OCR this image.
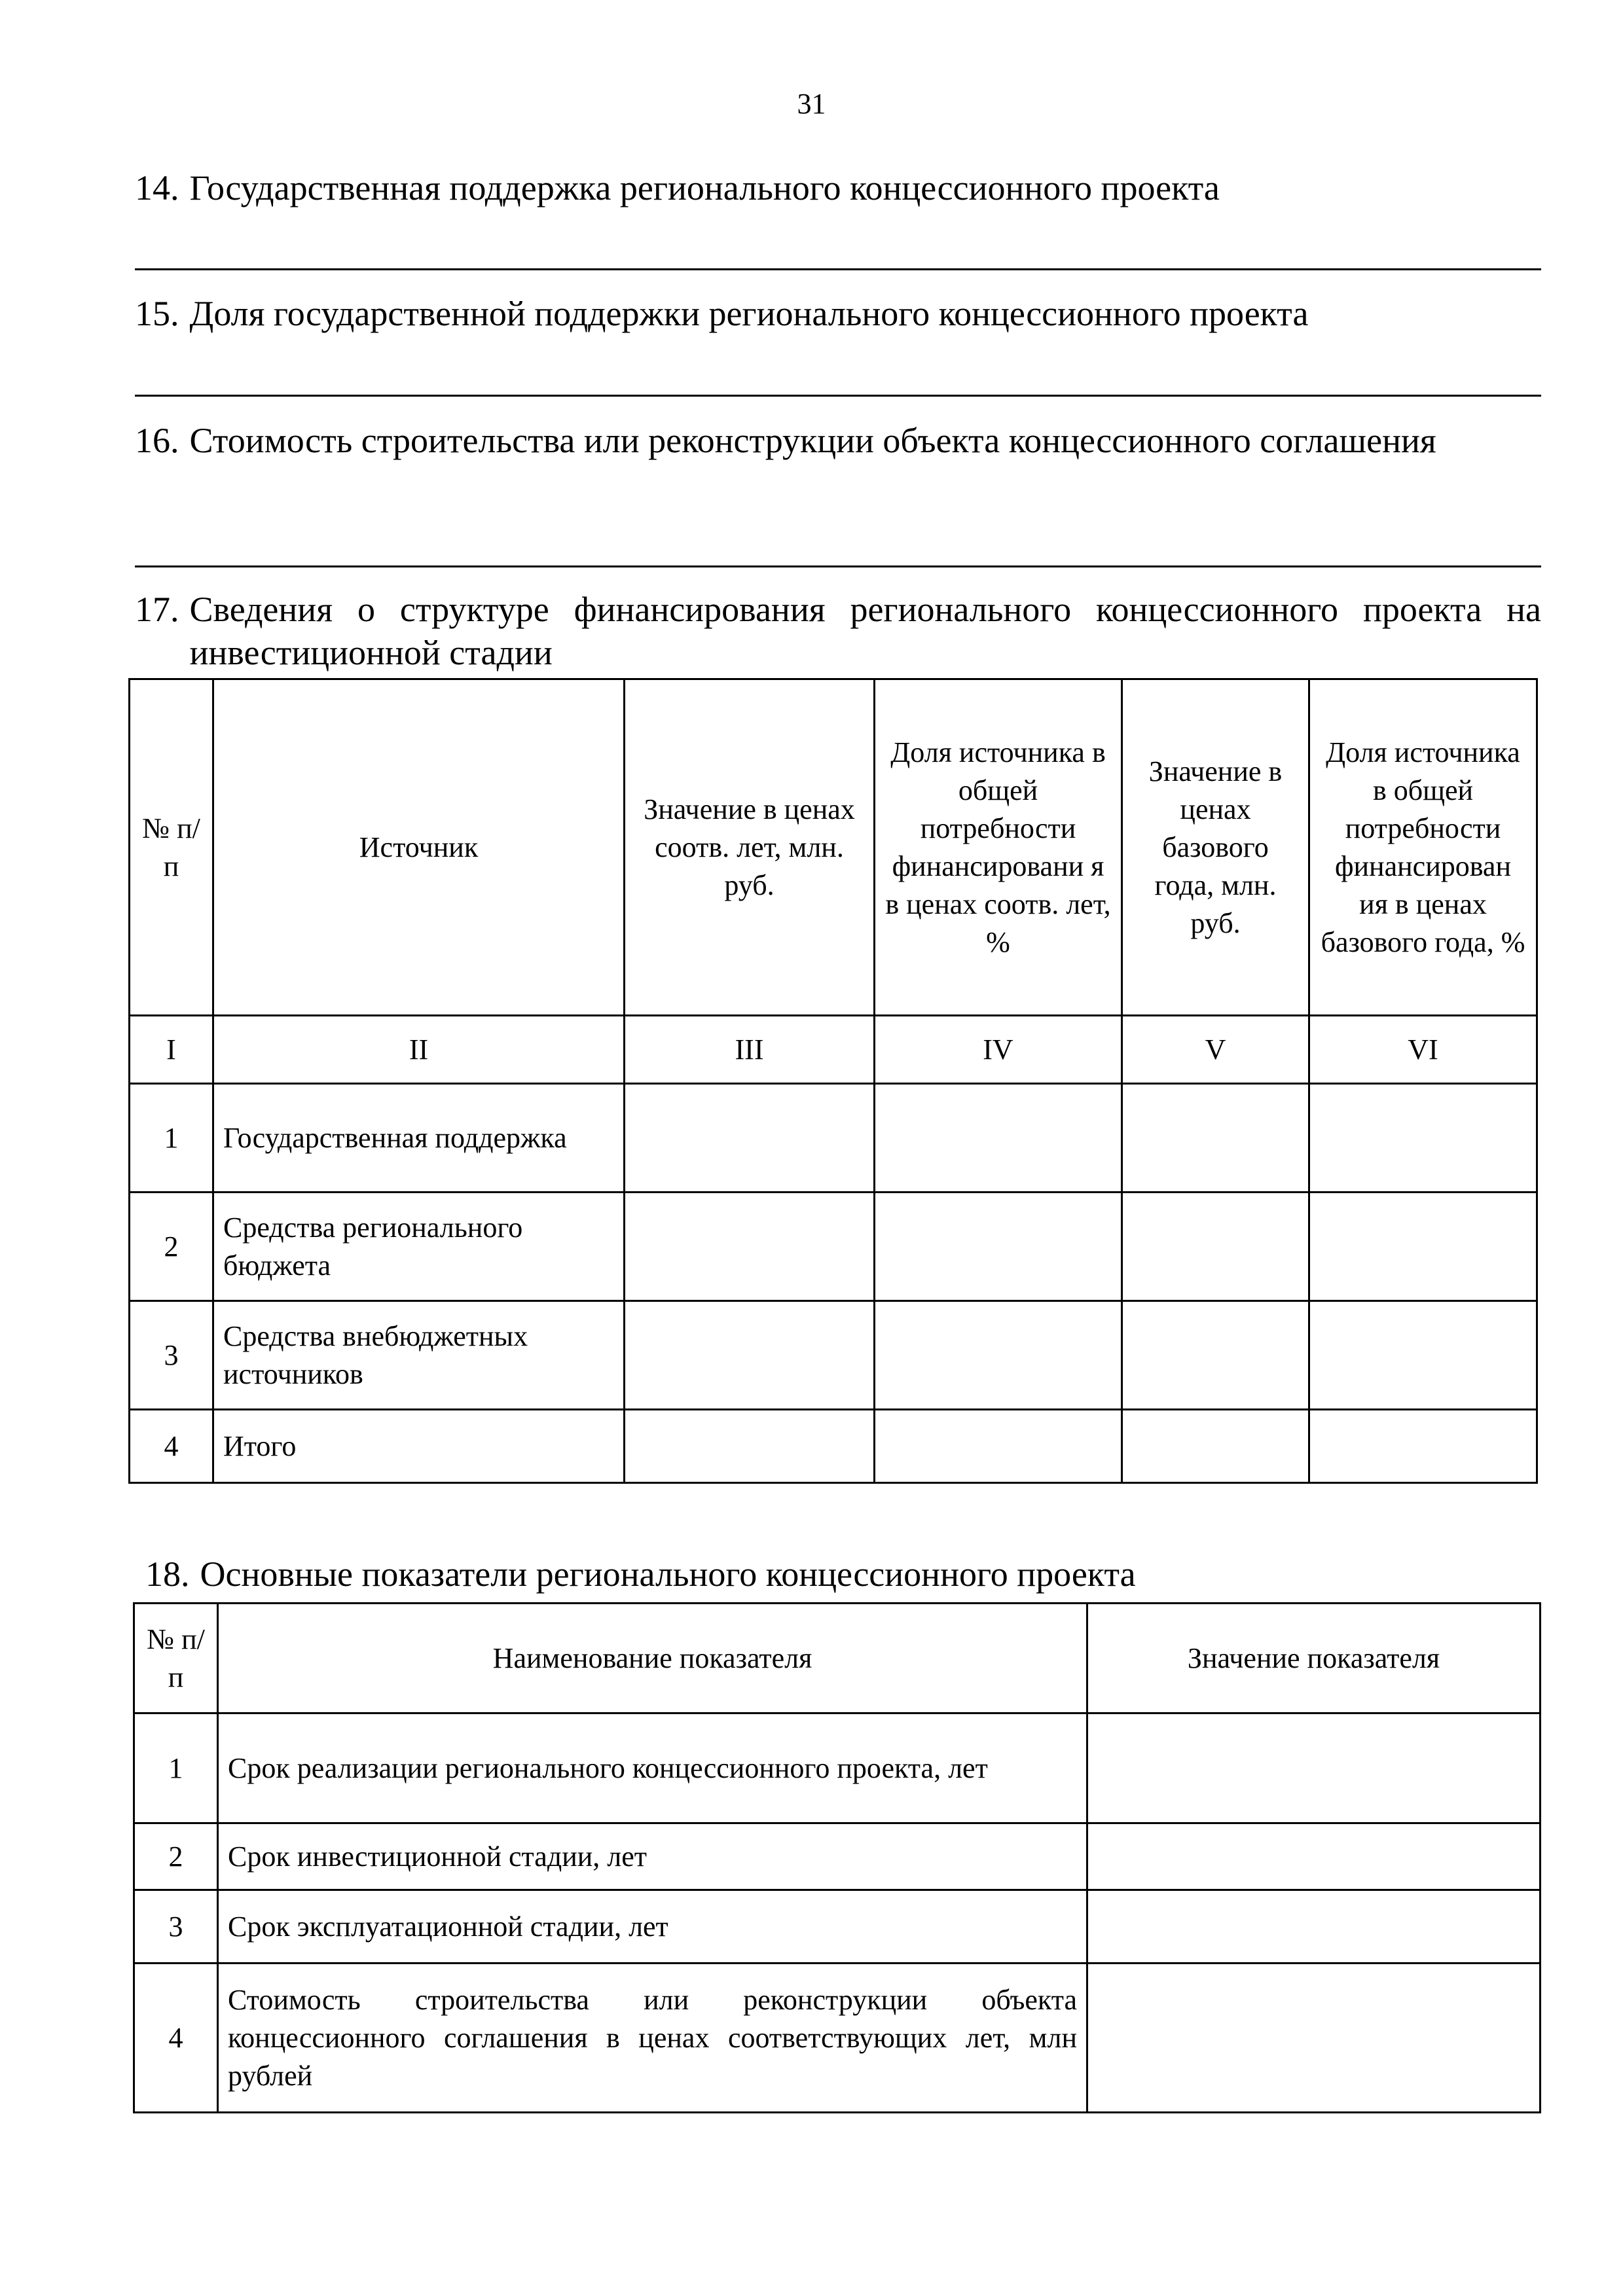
31
14. Государственная поддержка регионального концессионного проекта
15. Доля государственной поддержки регионального концессионного проекта
16. Стоимость строительства или реконструкции объекта концессионного соглашения
17. Сведения о структуре финансирования регионального концессионного проекта на инвестиционной стадии
№ п/п	Источник	Значение в ценах соотв. лет, млн. руб.	Доля источника в общей потребности финансировани я в ценах соотв. лет, %	Значение в ценах базового года, млн. руб.	Доля источника в общей потребности финансирован ия в ценах базового года, %
I	II	III	IV	V	VI
1	Государственная поддержка				
2	Средства регионального бюджета				
3	Средства внебюджетных источников				
4	Итого				
18. Основные показатели регионального концессионного проекта
№ п/п	Наименование показателя	Значение показателя
1	Срок реализации регионального концессионного проекта, лет	
2	Срок инвестиционной стадии, лет	
3	Срок эксплуатационной стадии, лет	
4	Стоимость строительства или реконструкции объекта концессионного соглашения в ценах соответствующих лет, млн рублей	
